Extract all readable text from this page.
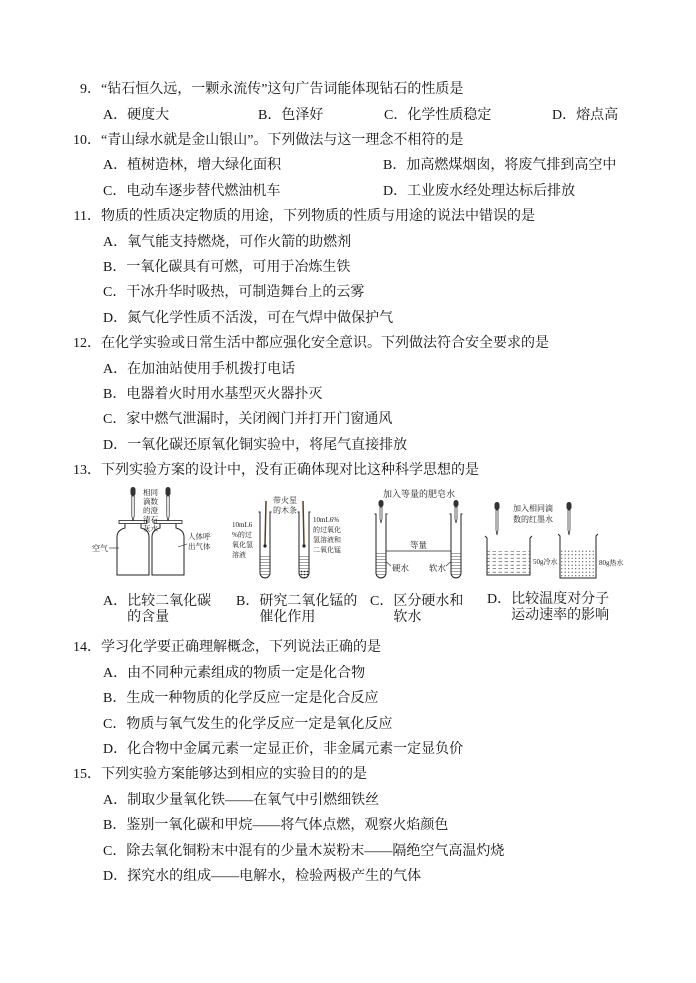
9． “钻石恒久远，一颗永流传”这句广告词能体现钻石的性质是
A．硬度大	B．色泽好	C．化学性质稳定	D．熔点高
10． “青山绿水就是金山银山”。下列做法与这一理念不相符的是
A．植树造林，增大绿化面积	B．加高燃煤烟囱，将废气排到高空中
C．电动车逐步替代燃油机车	D．工业废水经处理达标后排放
11． 物质的性质决定物质的用途，下列物质的性质与用途的说法中错误的是
A．氧气能支持燃烧，可作火箭的助燃剂
B．一氧化碳具有可燃，可用于冶炼生铁
C．干冰升华时吸热，可制造舞台上的云雾
D．氮气化学性质不活泼，可在气焊中做保护气
12． 在化学实验或日常生活中都应强化安全意识。下列做法符合安全要求的是
A．在加油站使用手机拨打电话
B．电器着火时用水基型灭火器扑灭
C．家中燃气泄漏时，关闭阀门并打开门窗通风
D．一氧化碳还原氧化铜实验中，将尾气直接排放
13． 下列实验方案的设计中，没有正确体现对比这种科学思想的是
相同
滴数
的澄
清石
灰水
空气
人体呼
出气体
带火星
的木条
10mL6
%的过
氧化氢
溶液
10mL6%
的过氧化
氢溶液和
二氧化锰
加入等量的肥皂水
等量
硬水 软水
加入相同滴
数的红墨水
50g冷水	80g热水
A． 比较二氧化碳的含量
B． 研究二氧化锰的催化作用
C． 区分硬水和软水
D． 比较温度对分子运动速率的影响
14． 学习化学要正确理解概念，下列说法正确的是
A．由不同种元素组成的物质一定是化合物
B．生成一种物质的化学反应一定是化合反应
C．物质与氧气发生的化学反应一定是氧化反应
D．化合物中金属元素一定显正价，非金属元素一定显负价
15． 下列实验方案能够达到相应的实验目的的是
A．制取少量氧化铁——在氧气中引燃细铁丝
B．鉴别一氧化碳和甲烷——将气体点燃，观察火焰颜色
C．除去氧化铜粉末中混有的少量木炭粉末——隔绝空气高温灼烧
D．探究水的组成——电解水，检验两极产生的气体
